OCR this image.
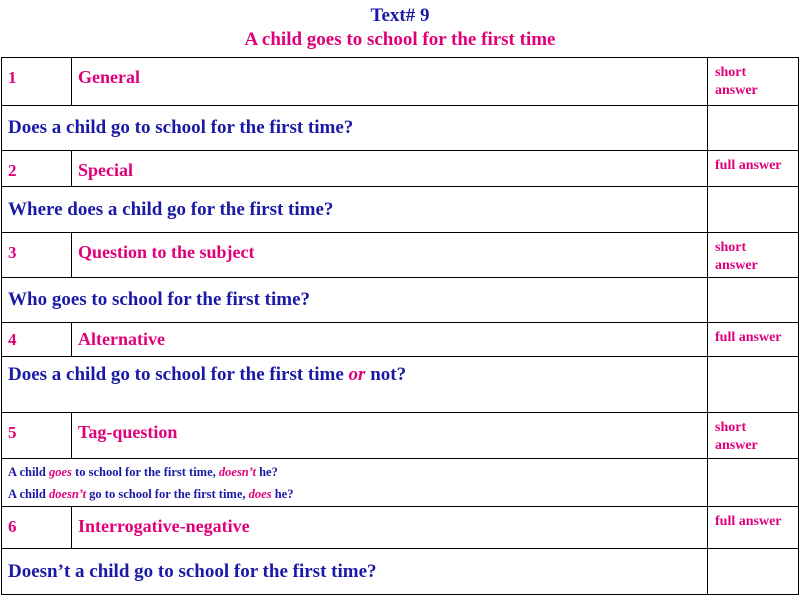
Text# 9
A child goes to school for the first time
1	General	short answer
Does a child go to school for the first time?		
2	Special	full answer
Where does a child go for the first time?		
3	Question to the subject	short answer
Who goes to school for the first time?		
4	Alternative	full answer
Does a child go to school for the first time or not?		
5	Tag-question	short answer

A child goes to school for the first time, doesn’t he?
A child doesn’t go to school for the first time, does he?		

6	Interrogative-negative	full answer
Doesn’t a child go to school for the first time?		
